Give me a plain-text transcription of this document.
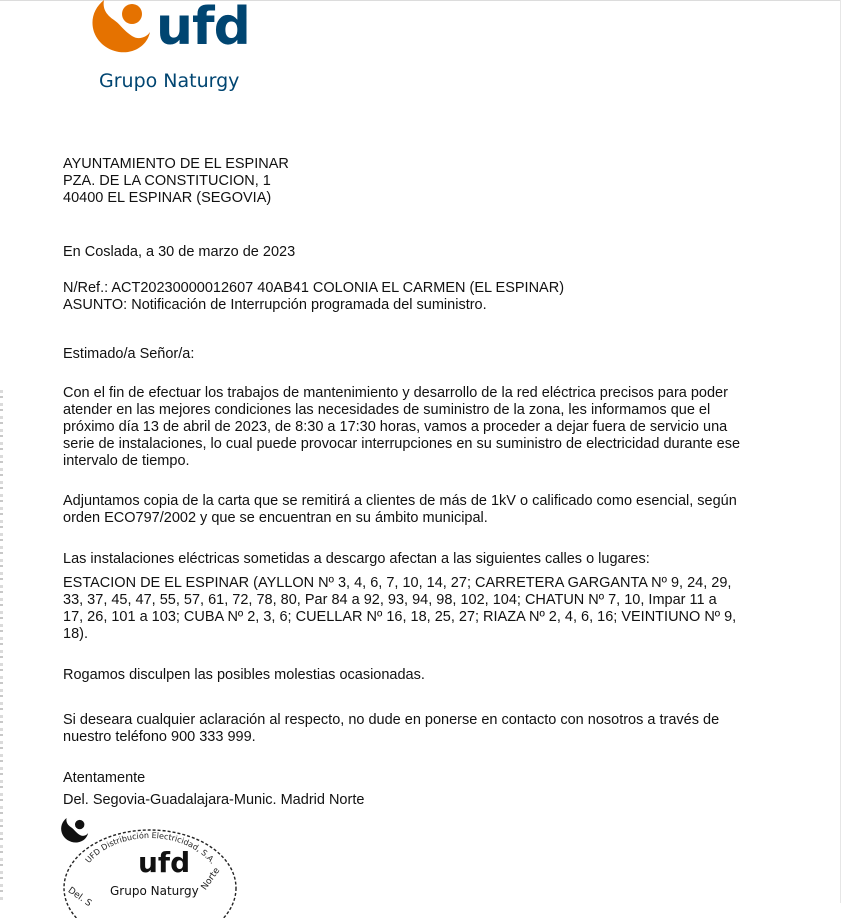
ufd
Grupo Naturgy
AYUNTAMIENTO DE EL ESPINAR
PZA. DE LA CONSTITUCION, 1
40400 EL ESPINAR (SEGOVIA)
En Coslada, a 30 de marzo de 2023
N/Ref.: ACT20230000012607 40AB41 COLONIA EL CARMEN (EL ESPINAR)
ASUNTO: Notificación de Interrupción programada del suministro.
Estimado/a Señor/a:
Con el fin de efectuar los trabajos de mantenimiento y desarrollo de la red eléctrica precisos para poder
atender en las mejores condiciones las necesidades de suministro de la zona, les informamos que el
próximo día 13 de abril de 2023, de 8:30 a 17:30 horas, vamos a proceder a dejar fuera de servicio una
serie de instalaciones, lo cual puede provocar interrupciones en su suministro de electricidad durante ese
intervalo de tiempo.
Adjuntamos copia de la carta que se remitirá a clientes de más de 1kV o calificado como esencial, según
orden ECO797/2002 y que se encuentran en su ámbito municipal.
Las instalaciones eléctricas sometidas a descargo afectan a las siguientes calles o lugares:
ESTACION DE EL ESPINAR (AYLLON Nº 3, 4, 6, 7, 10, 14, 27; CARRETERA GARGANTA Nº 9, 24, 29,
33, 37, 45, 47, 55, 57, 61, 72, 78, 80, Par 84 a 92, 93, 94, 98, 102, 104; CHATUN Nº 7, 10, Impar 11 a
17, 26, 101 a 103; CUBA Nº 2, 3, 6; CUELLAR Nº 16, 18, 25, 27; RIAZA Nº 2, 4, 6, 16; VEINTIUNO Nº 9,
18).
Rogamos disculpen las posibles molestias ocasionadas.
Si deseara cualquier aclaración al respecto, no dude en ponerse en contacto con nosotros a través de
nuestro teléfono 900 333 999.
Atentamente
Del. Segovia-Guadalajara-Munic. Madrid Norte
UFD Distribución Electricidad, S.A.
Del. S
Norte
ufd
Grupo Naturgy
